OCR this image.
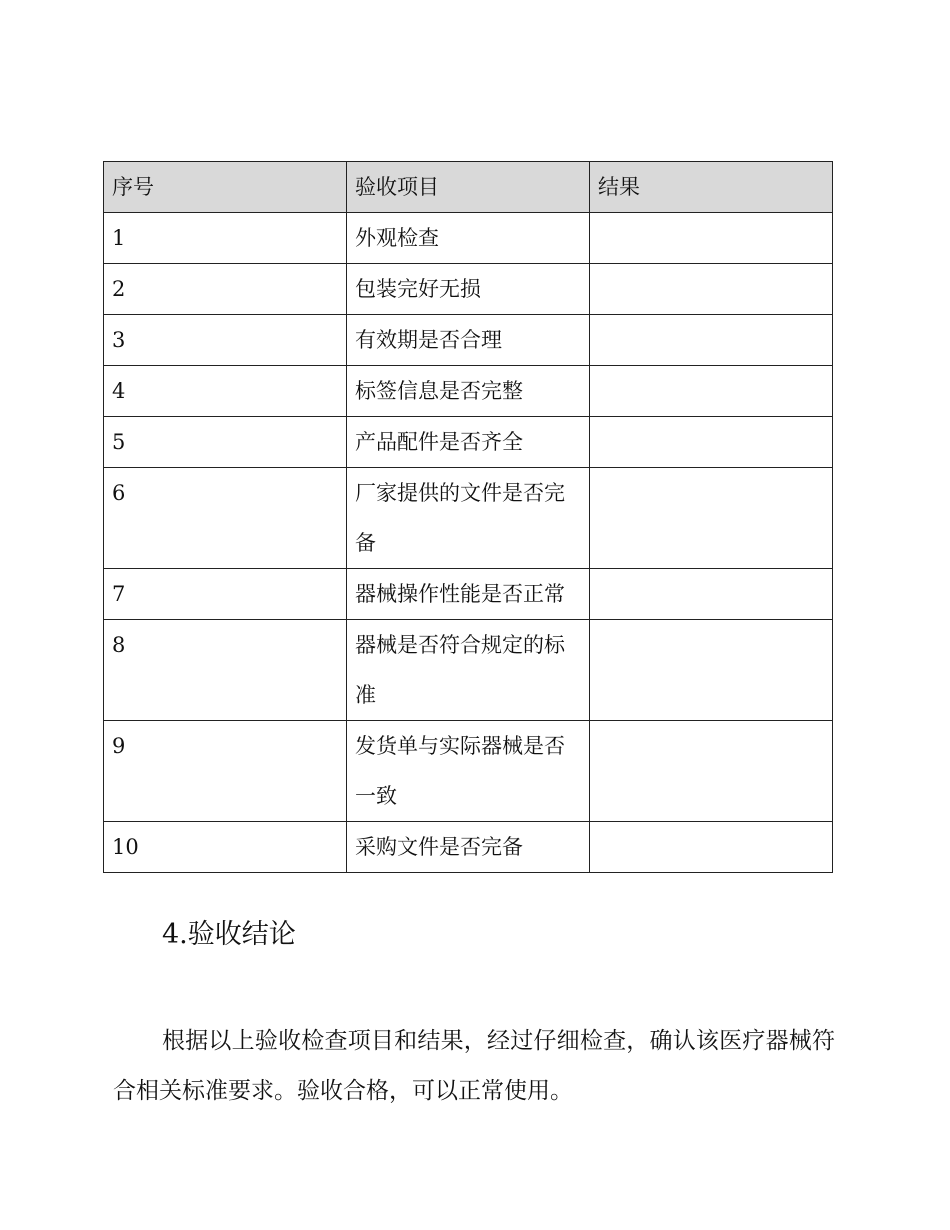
序号	验收项目	结果
1	外观检查	
2	包装完好无损	
3	有效期是否合理	
4	标签信息是否完整	
5	产品配件是否齐全	
6	厂家提供的文件是否完备	
7	器械操作性能是否正常	
8	器械是否符合规定的标准	
9	发货单与实际器械是否一致	
10	采购文件是否完备	
4.验收结论

根据以上验收检查项目和结果，经过仔细检查，确认该医疗器械符合相关标准要求。验收合格，可以正常使用。
